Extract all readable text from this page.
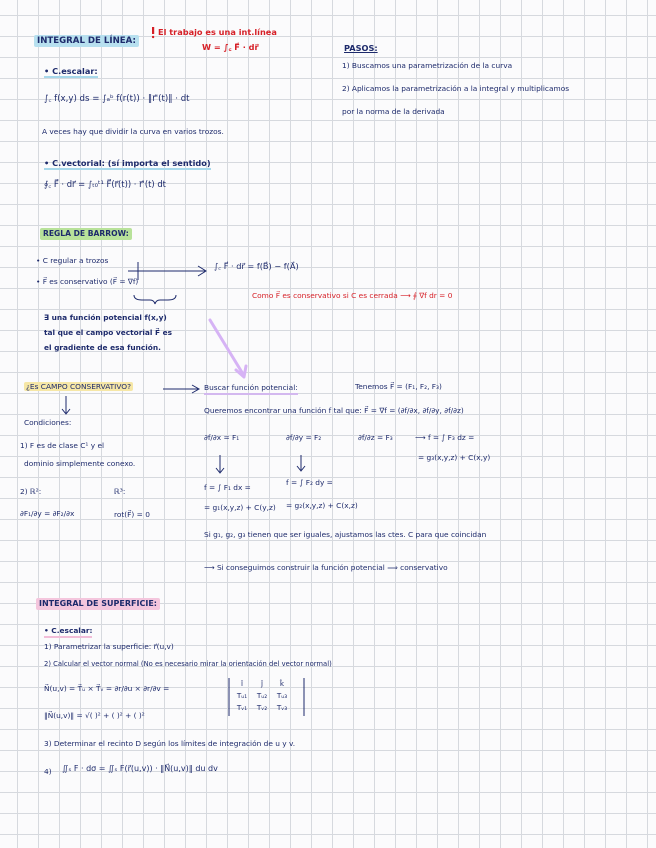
INTEGRAL DE LÍNEA:
El trabajo es una int.línea
W = ∫꜀ F⃗ · dr⃗
• C.escalar:
∫꜀ f(x,y) ds = ∫ₐᵇ f(r(t)) · ‖r⃗'(t)‖ · dt
A veces hay que dividir la curva en varios trozos.
• C.vectorial: (sí importa el sentido)
∮꜀ F⃗ · dr⃗ = ∫ₜ₀ᵗ¹ F⃗(r⃗(t)) · r⃗'(t) dt
PASOS:
1) Buscamos una parametrización de la curva
2) Aplicamos la parametrización a la integral y multiplicamos
por la norma de la derivada
REGLA DE BARROW:
• C regular a trozos
• F⃗ es conservativo (F⃗ = ∇f)
∫꜀ F⃗ · dr⃗ = f(B⃗) − f(A⃗)
Como F⃗ es conservativo si C es cerrada ⟶ ∮ ∇f dr = 0
∃ una función potencial f(x,y)
tal que el campo vectorial F⃗ es
el gradiente de esa función.
¿Es CAMPO CONSERVATIVO?	Buscar función potencial:	Tenemos F⃗ = (F₁, F₂, F₃)
Queremos encontrar una función f tal que: F⃗ = ∇f = (∂f/∂x, ∂f/∂y, ∂f/∂z)
Condiciones:
1) F es de clase C¹ y el
dominio simplemente conexo.
2) ℝ²:	ℝ³:
∂F₁/∂y = ∂F₂/∂x	rot(F⃗) = 0
∂f/∂x = F₁	∂f/∂y = F₂	∂f/∂z = F₃	⟶ f = ∫ F₃ dz =
= g₃(x,y,z) + C(x,y)
f = ∫ F₁ dx =
= g₁(x,y,z) + C(y,z)
f = ∫ F₂ dy =
= g₂(x,y,z) + C(x,z)
Si g₁, g₂, g₃ tienen que ser iguales, ajustamos las ctes. C para que coincidan
⟶ Si conseguimos construir la función potencial ⟹ conservativo
INTEGRAL DE SUPERFICIE:
• C.escalar:
1) Parametrizar la superficie: r⃗(u,v)
2) Calcular el vector normal (No es necesario mirar la orientación del vector normal)
N⃗(u,v) = T⃗ᵤ × T⃗ᵥ = ∂r/∂u × ∂r/∂v =
‖N⃗(u,v)‖ = √( )² + ( )² + ( )²
î	ĵ k̂
Tᵤ₁ Tᵤ₂ Tᵤ₃
Tᵥ₁ Tᵥ₂ Tᵥ₃
3) Determinar el recinto D según los límites de integración de u y v.
4) ∬ₛ F · dσ = ∬ₛ F(r⃗(u,v)) · ‖N⃗(u,v)‖ du dv
